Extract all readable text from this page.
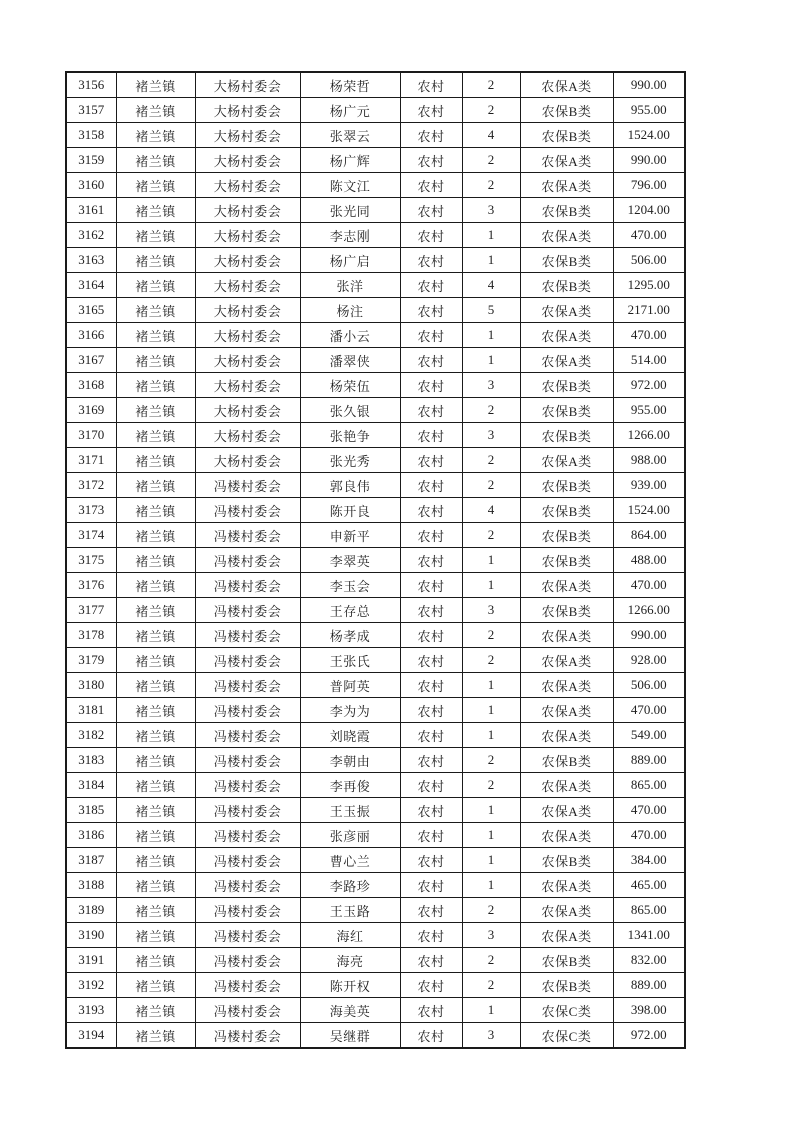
3156	褚兰镇	大杨村委会	杨荣哲	农村	2	农保A类	990.00
3157	褚兰镇	大杨村委会	杨广元	农村	2	农保B类	955.00
3158	褚兰镇	大杨村委会	张翠云	农村	4	农保B类	1524.00
3159	褚兰镇	大杨村委会	杨广辉	农村	2	农保A类	990.00
3160	褚兰镇	大杨村委会	陈文江	农村	2	农保A类	796.00
3161	褚兰镇	大杨村委会	张光同	农村	3	农保B类	1204.00
3162	褚兰镇	大杨村委会	李志刚	农村	1	农保A类	470.00
3163	褚兰镇	大杨村委会	杨广启	农村	1	农保B类	506.00
3164	褚兰镇	大杨村委会	张洋	农村	4	农保B类	1295.00
3165	褚兰镇	大杨村委会	杨注	农村	5	农保A类	2171.00
3166	褚兰镇	大杨村委会	潘小云	农村	1	农保A类	470.00
3167	褚兰镇	大杨村委会	潘翠侠	农村	1	农保A类	514.00
3168	褚兰镇	大杨村委会	杨荣伍	农村	3	农保B类	972.00
3169	褚兰镇	大杨村委会	张久银	农村	2	农保B类	955.00
3170	褚兰镇	大杨村委会	张艳争	农村	3	农保B类	1266.00
3171	褚兰镇	大杨村委会	张光秀	农村	2	农保A类	988.00
3172	褚兰镇	冯楼村委会	郭良伟	农村	2	农保B类	939.00
3173	褚兰镇	冯楼村委会	陈开良	农村	4	农保B类	1524.00
3174	褚兰镇	冯楼村委会	申新平	农村	2	农保B类	864.00
3175	褚兰镇	冯楼村委会	李翠英	农村	1	农保B类	488.00
3176	褚兰镇	冯楼村委会	李玉会	农村	1	农保A类	470.00
3177	褚兰镇	冯楼村委会	王存总	农村	3	农保B类	1266.00
3178	褚兰镇	冯楼村委会	杨孝成	农村	2	农保A类	990.00
3179	褚兰镇	冯楼村委会	王张氏	农村	2	农保A类	928.00
3180	褚兰镇	冯楼村委会	普阿英	农村	1	农保A类	506.00
3181	褚兰镇	冯楼村委会	李为为	农村	1	农保A类	470.00
3182	褚兰镇	冯楼村委会	刘晓霞	农村	1	农保A类	549.00
3183	褚兰镇	冯楼村委会	李朝由	农村	2	农保B类	889.00
3184	褚兰镇	冯楼村委会	李再俊	农村	2	农保A类	865.00
3185	褚兰镇	冯楼村委会	王玉振	农村	1	农保A类	470.00
3186	褚兰镇	冯楼村委会	张彦丽	农村	1	农保A类	470.00
3187	褚兰镇	冯楼村委会	曹心兰	农村	1	农保B类	384.00
3188	褚兰镇	冯楼村委会	李路珍	农村	1	农保A类	465.00
3189	褚兰镇	冯楼村委会	王玉路	农村	2	农保A类	865.00
3190	褚兰镇	冯楼村委会	海红	农村	3	农保A类	1341.00
3191	褚兰镇	冯楼村委会	海亮	农村	2	农保B类	832.00
3192	褚兰镇	冯楼村委会	陈开权	农村	2	农保B类	889.00
3193	褚兰镇	冯楼村委会	海美英	农村	1	农保C类	398.00
3194	褚兰镇	冯楼村委会	吴继群	农村	3	农保C类	972.00
